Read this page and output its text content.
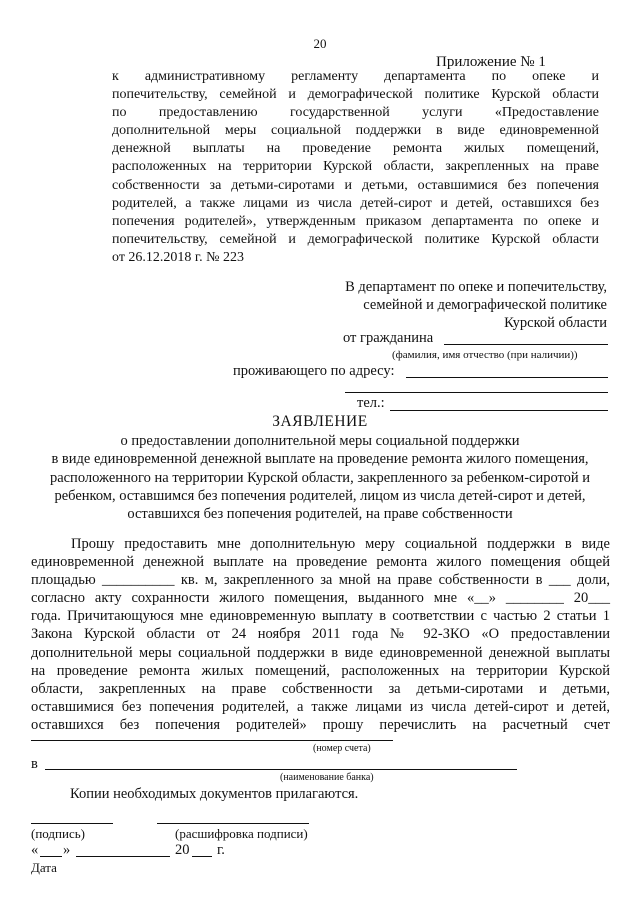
20
Приложение № 1
к административному регламенту департамента по опеке и
попечительству, семейной и демографической политике Курской области
по предоставлению государственной услуги «Предоставление
дополнительной меры социальной поддержки в виде единовременной
денежной выплаты на проведение ремонта жилых помещений,
расположенных на территории Курской области, закрепленных на праве
собственности за детьми-сиротами и детьми, оставшимися без попечения
родителей, а также лицами из числа детей-сирот и детей, оставшихся без
попечения родителей», утвержденным приказом департамента по опеке и
попечительству, семейной и демографической политике Курской области
от 26.12.2018 г. № 223
В департамент по опеке и попечительству,
семейной и демографической политике
Курской области
от гражданина
(фамилия, имя отчество (при наличии))
проживающего по адресу:
тел.:
ЗАЯВЛЕНИЕ
о предоставлении дополнительной меры социальной поддержки
в виде единовременной денежной выплате на проведение ремонта жилого помещения,
расположенного на территории Курской области, закрепленного за ребенком-сиротой и
ребенком, оставшимся без попечения родителей, лицом из числа детей-сирот и детей,
оставшихся без попечения родителей, на праве собственности
Прошу предоставить мне дополнительную меру социальной поддержки в виде
единовременной денежной выплате на проведение ремонта жилого помещения общей
площадью __________ кв. м, закрепленного за мной на праве собственности в ___ доли,
согласно акту сохранности жилого помещения, выданного мне «__» ________ 20___
года. Причитающуюся мне единовременную выплату в соответствии с частью 2 статьи 1
Закона Курской области от 24 ноября 2011 года № 92-ЗКО «О предоставлении
дополнительной меры социальной поддержки в виде единовременной денежной выплаты
на проведение ремонта жилых помещений, расположенных на территории Курской
области, закрепленных на праве собственности за детьми-сиротами и детьми,
оставшимися без попечения родителей, а также лицами из числа детей-сирот и детей,
оставшихся без попечения родителей» прошу перечислить на расчетный счет
(номер счета)
в
(наименование банка)
Копии необходимых документов прилагаются.
(подпись)	(расшифровка подписи)
« »	20 г.
Дата
